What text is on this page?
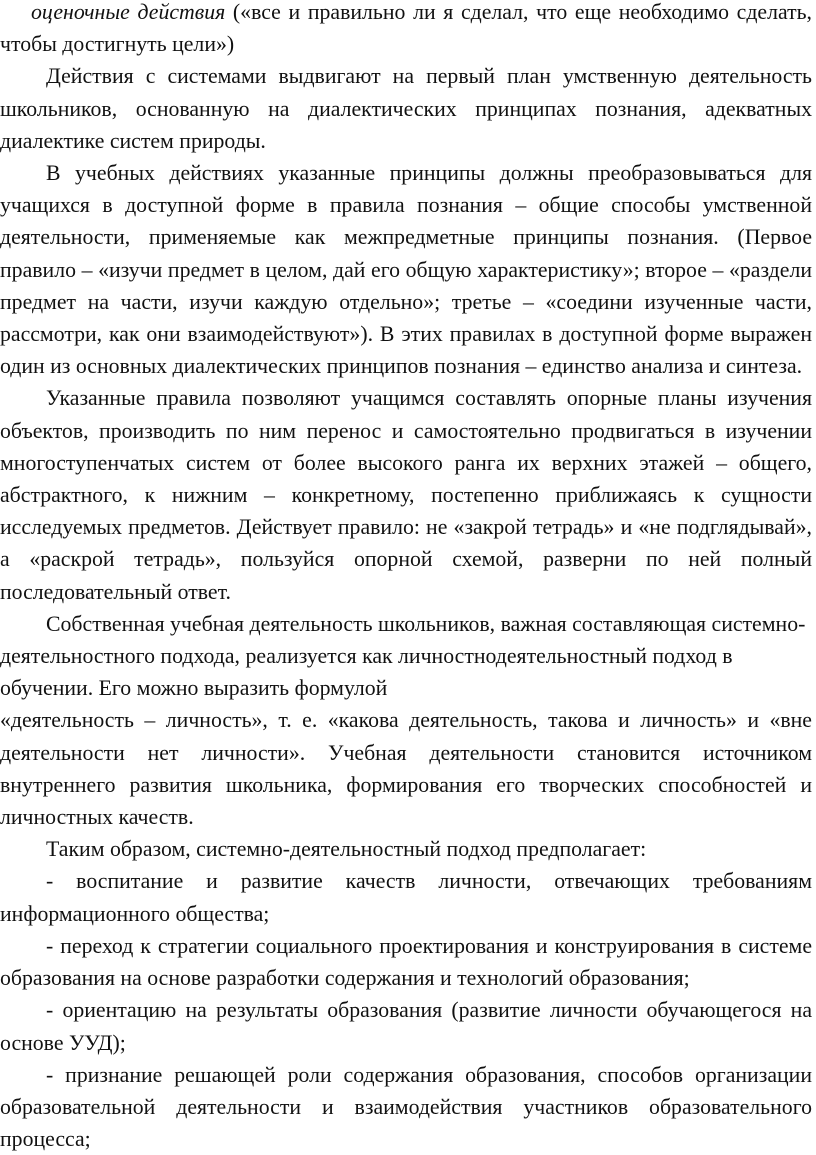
оценочные действия («все и правильно ли я сделал, что еще необходимо сделать, чтобы достигнуть цели»)

Действия с системами выдвигают на первый план умственную деятельность школьников, основанную на диалектических принципах познания, адекватных диалектике систем природы.

В учебных действиях указанные принципы должны преобразовываться для учащихся в доступной форме в правила познания – общие способы умственной деятельности, применяемые как межпредметные принципы познания. (Первое правило – «изучи предмет в целом, дай его общую характеристику»; второе – «раздели предмет на части, изучи каждую отдельно»; третье – «соедини изученные части, рассмотри, как они взаимодействуют»). В этих правилах в доступной форме выражен один из основных диалектических принципов познания – единство анализа и синтеза.

Указанные правила позволяют учащимся составлять опорные планы изучения объектов, производить по ним перенос и самостоятельно продвигаться в изучении многоступенчатых систем от более высокого ранга их верхних этажей – общего, абстрактного, к нижним – конкретному, постепенно приближаясь к сущности исследуемых предметов. Действует правило: не «закрой тетрадь» и «не подглядывай», а «раскрой тетрадь», пользуйся опорной схемой, разверни по ней полный последовательный ответ.

Собственная учебная деятельность школьников, важная составляющая системно-деятельностного подхода, реализуется как личностнодеятельностный подход в обучении. Его можно выразить формулой

«деятельность – личность», т. е. «какова деятельность, такова и личность» и «вне деятельности нет личности». Учебная деятельности становится источником внутреннего развития школьника, формирования его творческих способностей и личностных качеств.

Таким образом, системно-деятельностный подход предполагает:

- воспитание и развитие качеств личности, отвечающих требованиям информационного общества;

- переход к стратегии социального проектирования и конструирования в системе образования на основе разработки содержания и технологий образования;

- ориентацию на результаты образования (развитие личности обучающегося на основе УУД);

- признание решающей роли содержания образования, способов организации образовательной деятельности и взаимодействия участников образовательного процесса;
